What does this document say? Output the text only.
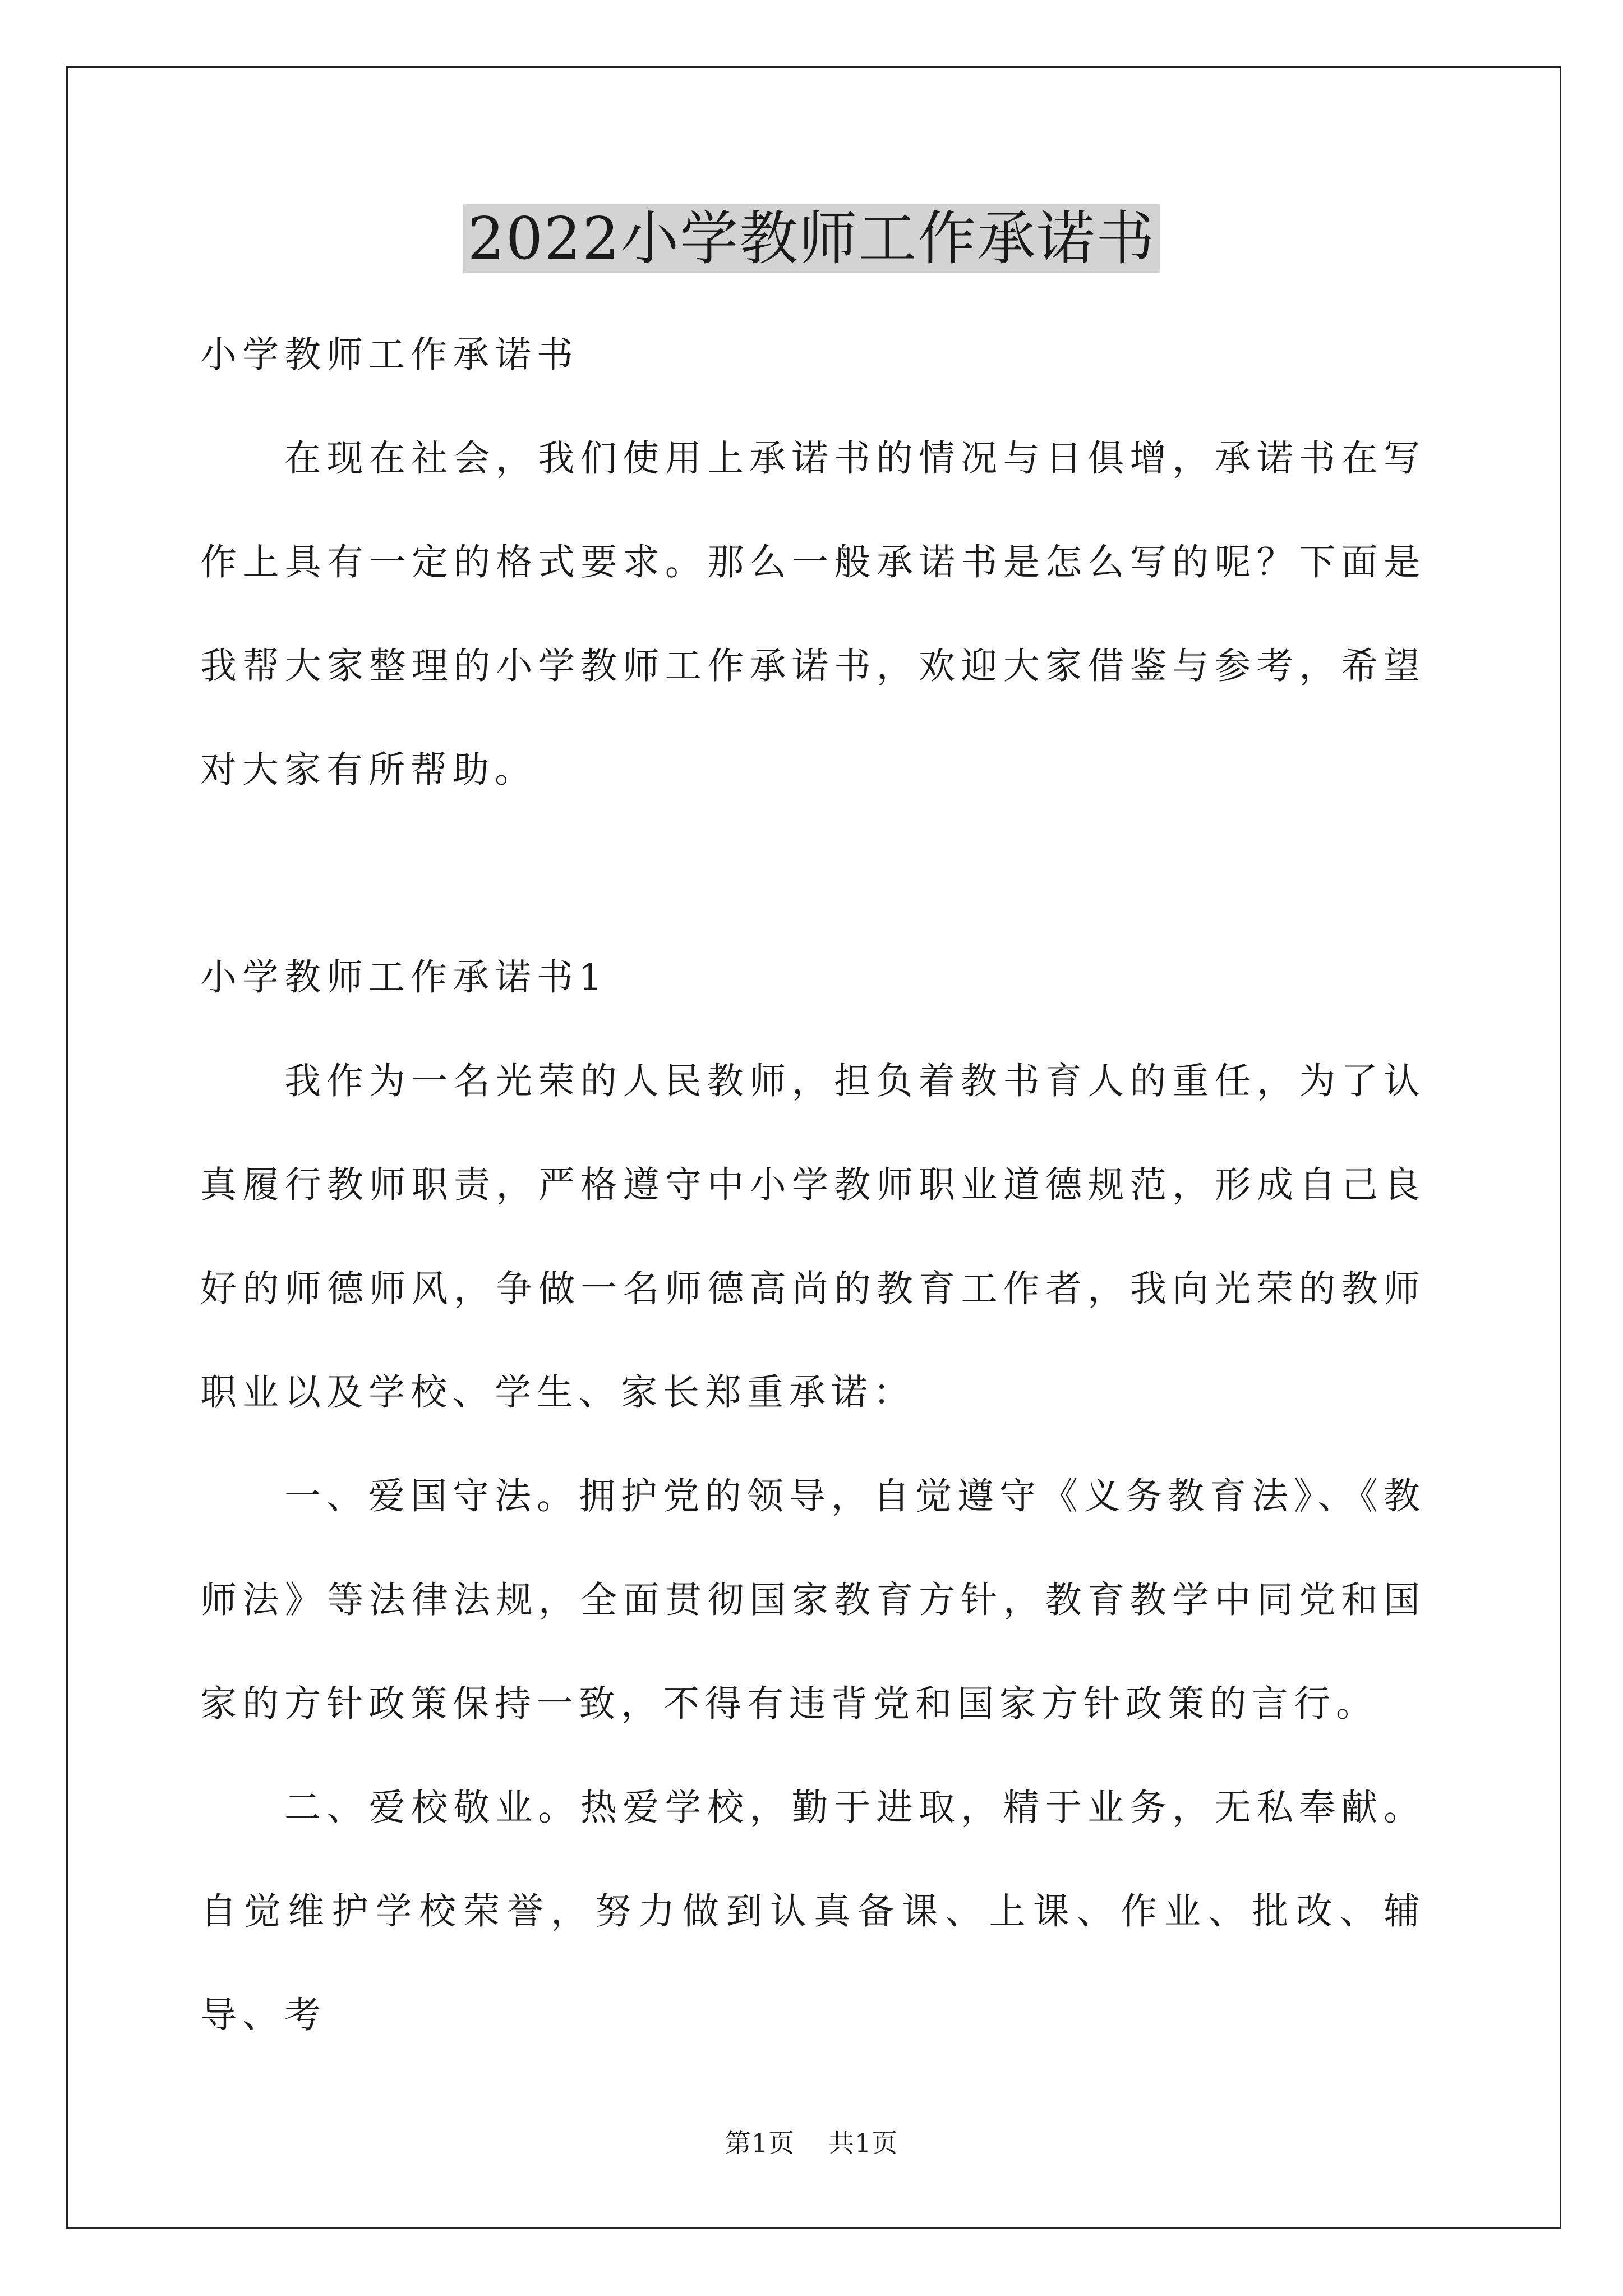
2022小学教师工作承诺书

小学教师工作承诺书

在现在社会，我们使用上承诺书的情况与日俱增，承诺书在写作上具有一定的格式要求。那么一般承诺书是怎么写的呢？下面是我帮大家整理的小学教师工作承诺书，欢迎大家借鉴与参考，希望对大家有所帮助。

小学教师工作承诺书1

我作为一名光荣的人民教师，担负着教书育人的重任，为了认真履行教师职责，严格遵守中小学教师职业道德规范，形成自己良好的师德师风，争做一名师德高尚的教育工作者，我向光荣的教师职业以及学校、学生、家长郑重承诺：

一、爱国守法。拥护党的领导，自觉遵守《义务教育法》、《教师法》等法律法规，全面贯彻国家教育方针，教育教学中同党和国家的方针政策保持一致，不得有违背党和国家方针政策的言行。

二、爱校敬业。热爱学校，勤于进取，精于业务，无私奉献。自觉维护学校荣誉，努力做到认真备课、上课、作业、批改、辅导、考

第1页 共1页
